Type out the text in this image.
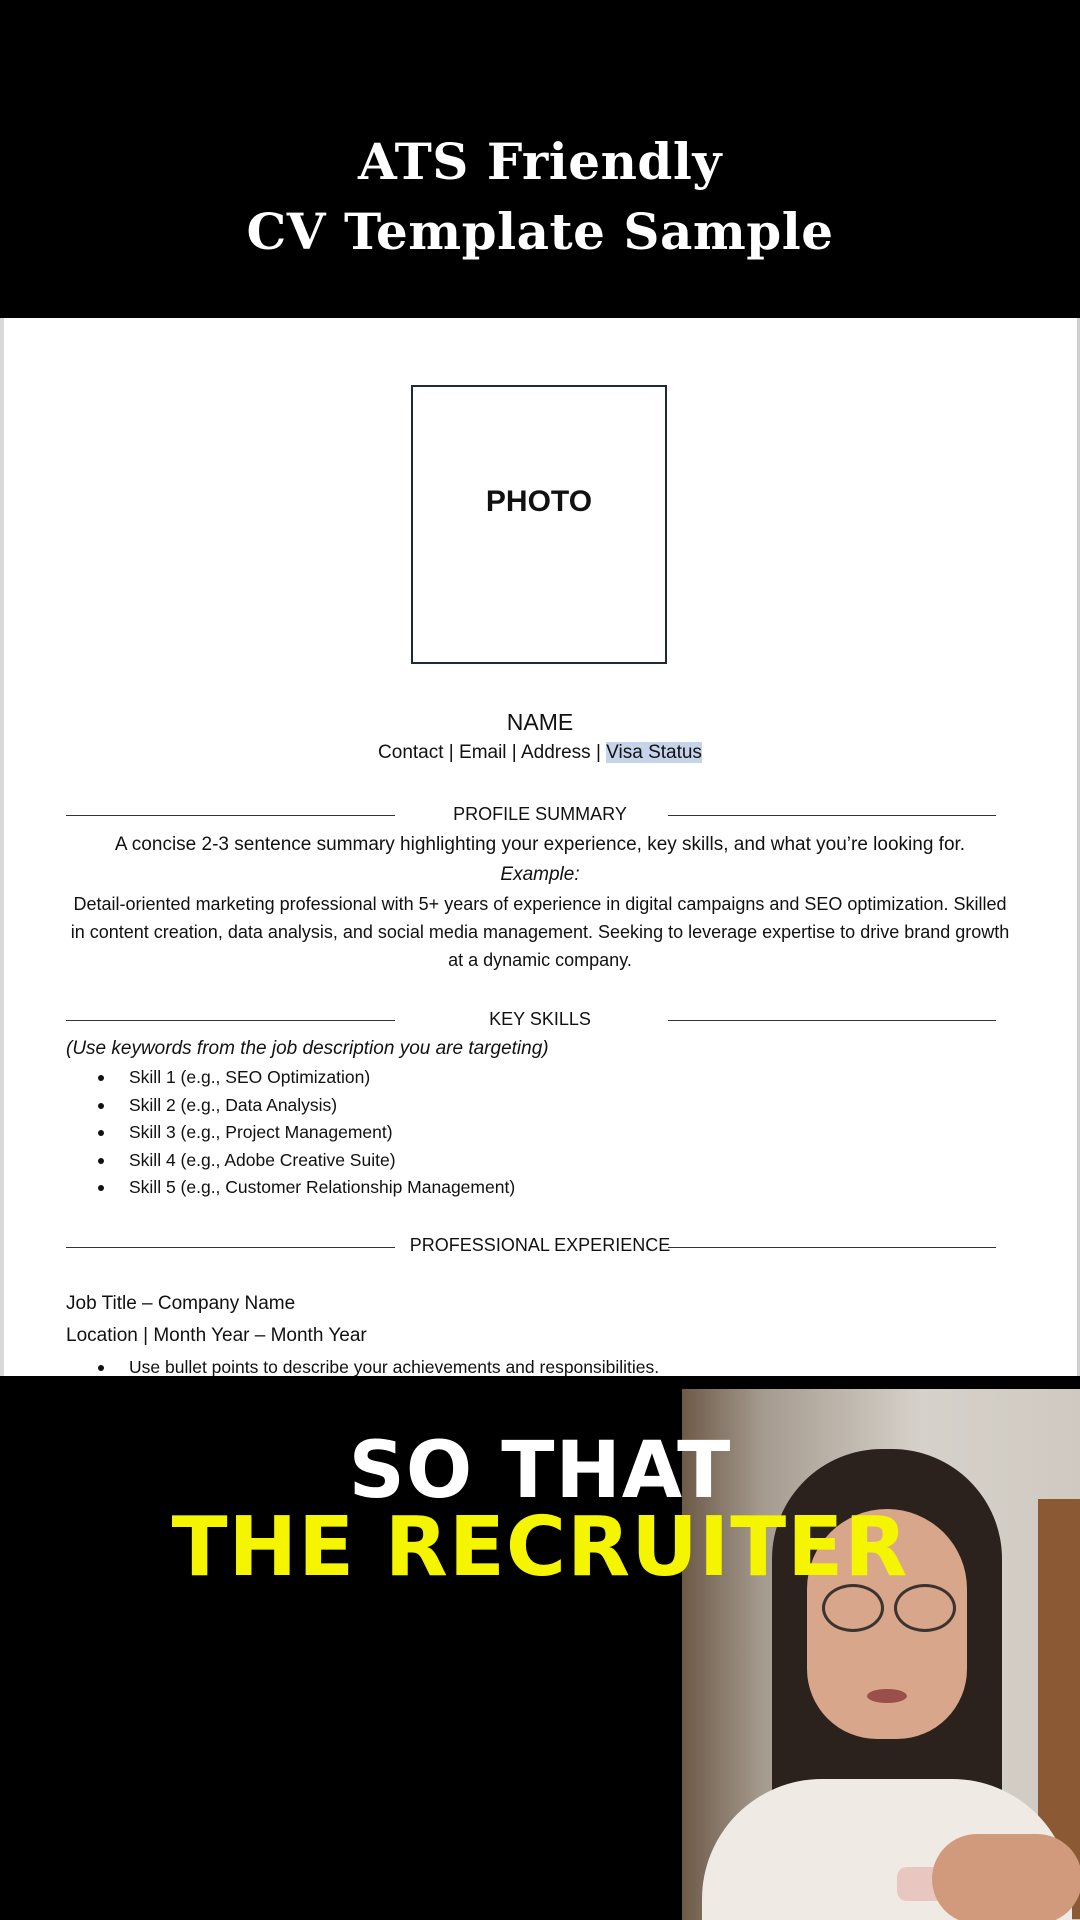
ATS Friendly
CV Template Sample
PHOTO
NAME
Contact | Email | Address | Visa Status
PROFILE SUMMARY
A concise 2-3 sentence summary highlighting your experience, key skills, and what you’re looking for.
Example:
Detail-oriented marketing professional with 5+ years of experience in digital campaigns and SEO optimization. Skilled in content creation, data analysis, and social media management. Seeking to leverage expertise to drive brand growth at a dynamic company.
KEY SKILLS
(Use keywords from the job description you are targeting)
Skill 1 (e.g., SEO Optimization)
Skill 2 (e.g., Data Analysis)
Skill 3 (e.g., Project Management)
Skill 4 (e.g., Adobe Creative Suite)
Skill 5 (e.g., Customer Relationship Management)
PROFESSIONAL EXPERIENCE
Job Title – Company Name
Location | Month Year – Month Year
Use bullet points to describe your achievements and responsibilities.
SO THAT
THE RECRUITER
